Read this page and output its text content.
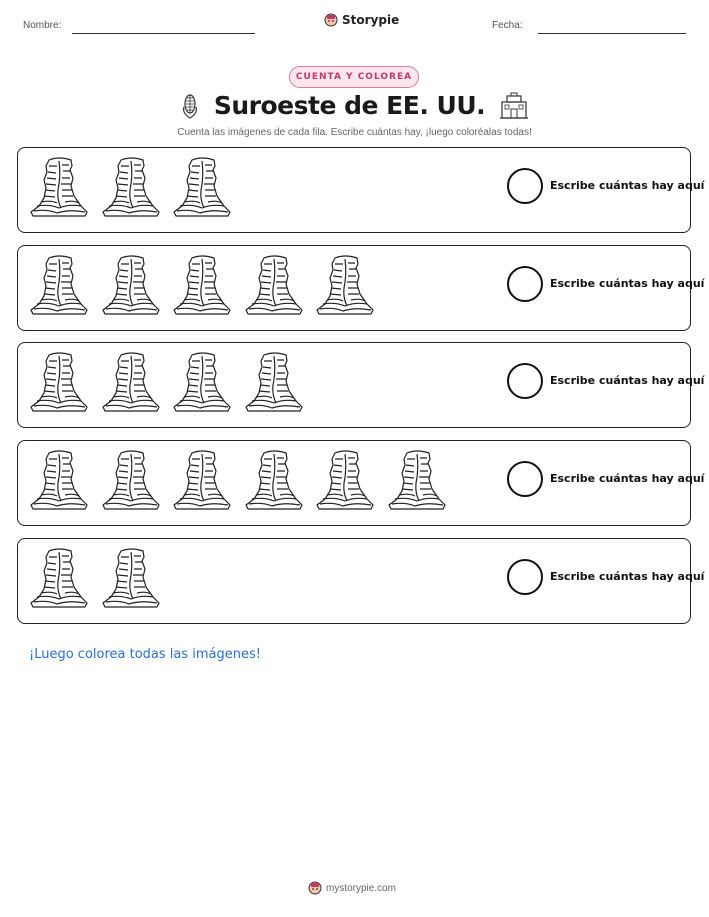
Nombre:	Storypie	Fecha:
CUENTA Y COLOREA
Suroeste de EE. UU.
Cuenta las imágenes de cada fila. Escribe cuántas hay, ¡luego coloréalas todas!
Escribe cuántas hay aquí
Escribe cuántas hay aquí
Escribe cuántas hay aquí
Escribe cuántas hay aquí
Escribe cuántas hay aquí
¡Luego colorea todas las imágenes!
mystorypie.com
